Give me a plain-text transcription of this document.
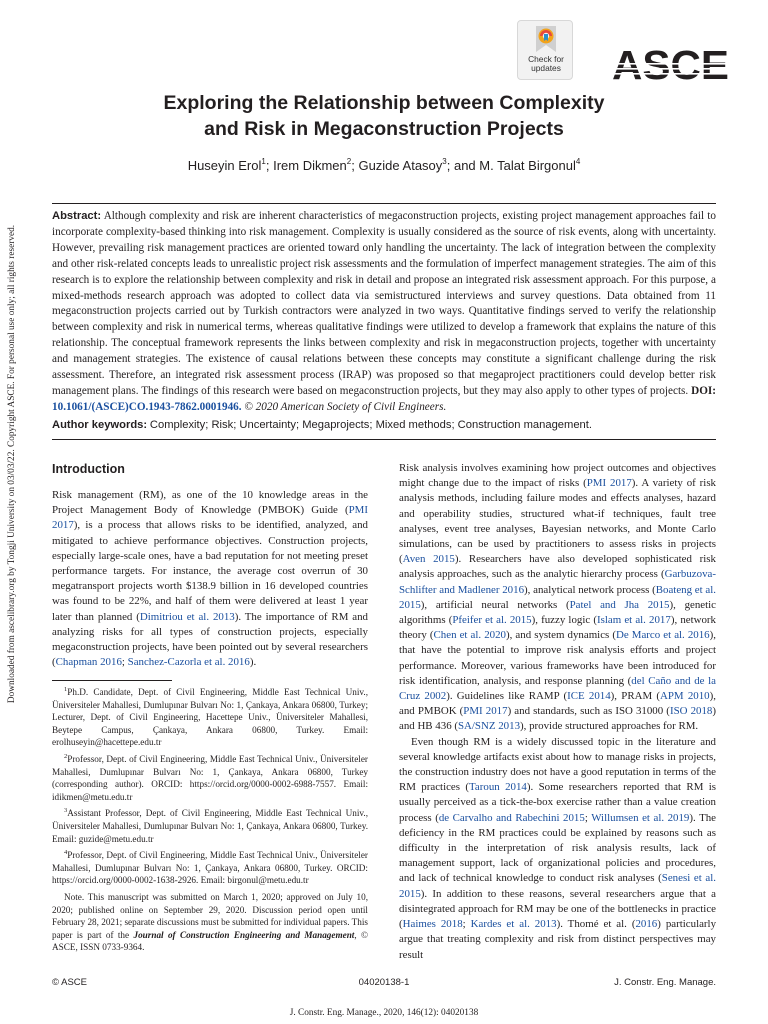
Downloaded from ascelibrary.org by Tongji University on 03/03/22. Copyright ASCE. For personal use only; all rights reserved.
Check for
updates
Exploring the Relationship between Complexity
and Risk in Megaconstruction Projects
Huseyin Erol$^1$; Irem Dikmen$^2$; Guzide Atasoy$^3$; and M. Talat Birgonul$^4$
Abstract: Although complexity and risk are inherent characteristics of megaconstruction projects, existing project management approaches fail to incorporate complexity-based thinking into risk management. Complexity is usually considered as the source of risk events, along with uncertainty. However, prevailing risk management practices are oriented toward only handling the uncertainty. The lack of integration between the complexity and other risk-related concepts leads to unrealistic project risk assessments and the formulation of imperfect management strategies. The aim of this research is to explore the relationship between complexity and risk in detail and propose an integrated risk assessment approach. For this purpose, a mixed-methods research approach was adopted to collect data via semistructured interviews and survey questions. Data obtained from 11 megaconstruction projects carried out by Turkish contractors were analyzed in two ways. Quantitative findings served to verify the relationship between complexity and risk in numerical terms, whereas qualitative findings were utilized to develop a framework that explains the nature of this relationship. The conceptual framework represents the links between complexity and risk in megaconstruction projects, together with uncertainty and management strategies. The existence of causal relations between these concepts may constitute a significant challenge during the risk assessment. Therefore, an integrated risk assessment process (IRAP) was proposed so that megaproject practitioners could develop better risk management plans. The findings of this research were based on megaconstruction projects, but they may also apply to other types of projects. DOI: 10.1061/(ASCE)CO.1943-7862.0001946. © 2020 American Society of Civil Engineers.
Author keywords: Complexity; Risk; Uncertainty; Megaprojects; Mixed methods; Construction management.
Introduction

Risk management (RM), as one of the 10 knowledge areas in the Project Management Body of Knowledge (PMBOK) Guide (PMI 2017), is a process that allows risks to be identified, analyzed, and mitigated to achieve performance objectives. Construction projects, especially large-scale ones, have a bad reputation for not meeting preset performance targets. For instance, the average cost overrun of 30 megatransport projects worth $138.9 billion in 16 developed countries was found to be 22%, and half of them were delivered at least 1 year later than planned (Dimitriou et al. 2013). The importance of RM and analyzing risks for all types of construction projects, especially megaconstruction projects, have been pointed out by several researchers (Chapman 2016; Sanchez-Cazorla et al. 2016).

$^1$Ph.D. Candidate, Dept. of Civil Engineering, Middle East Technical Univ., Üniversiteler Mahallesi, Dumlupınar Bulvarı No: 1, Çankaya, Ankara 06800, Turkey; Lecturer, Dept. of Civil Engineering, Hacettepe Univ., Üniversiteler Mahallesi, Beytepe Campus, Çankaya, Ankara 06800, Turkey. Email: erolhuseyin@hacettepe.edu.tr

$^2$Professor, Dept. of Civil Engineering, Middle East Technical Univ., Üniversiteler Mahallesi, Dumlupınar Bulvarı No: 1, Çankaya, Ankara 06800, Turkey (corresponding author). ORCID: https://orcid.org/0000-0002-6988-7557. Email: idikmen@metu.edu.tr

$^3$Assistant Professor, Dept. of Civil Engineering, Middle East Technical Univ., Üniversiteler Mahallesi, Dumlupınar Bulvarı No: 1, Çankaya, Ankara 06800, Turkey. Email: guzide@metu.edu.tr

$^4$Professor, Dept. of Civil Engineering, Middle East Technical Univ., Üniversiteler Mahallesi, Dumlupınar Bulvarı No: 1, Çankaya, Ankara 06800, Turkey. ORCID: https://orcid.org/0000-0002-1638-2926. Email: birgonul@metu.edu.tr

Note. This manuscript was submitted on March 1, 2020; approved on July 10, 2020; published online on September 29, 2020. Discussion period open until February 28, 2021; separate discussions must be submitted for individual papers. This paper is part of the Journal of Construction Engineering and Management, © ASCE, ISSN 0733-9364.

Risk analysis involves examining how project outcomes and objectives might change due to the impact of risks (PMI 2017). A variety of risk analysis methods, including failure modes and effects analyses, hazard and operability studies, structured what-if techniques, fault tree analyses, event tree analyses, Bayesian networks, and Monte Carlo simulations, can be used by practitioners to assess risks in projects (Aven 2015). Researchers have also developed sophisticated risk analysis approaches, such as the analytic hierarchy process (Garbuzova-Schlifter and Madlener 2016), analytical network process (Boateng et al. 2015), artificial neural networks (Patel and Jha 2015), genetic algorithms (Pfeifer et al. 2015), fuzzy logic (Islam et al. 2017), network theory (Chen et al. 2020), and system dynamics (De Marco et al. 2016), that have the potential to improve risk analysis efforts and project performance. Moreover, various frameworks have been introduced for risk identification, analysis, and response planning (del Caño and de la Cruz 2002). Guidelines like RAMP (ICE 2014), PRAM (APM 2010), and PMBOK (PMI 2017) and standards, such as ISO 31000 (ISO 2018) and HB 436 (SA/SNZ 2013), provide structured approaches for RM.

Even though RM is a widely discussed topic in the literature and several knowledge artifacts exist about how to manage risks in projects, the construction industry does not have a good reputation in terms of the RM practices (Taroun 2014). Some researchers reported that RM is usually perceived as a tick-the-box exercise rather than a value creation process (de Carvalho and Rabechini 2015; Willumsen et al. 2019). The deficiency in the RM practices could be explained by reasons such as difficulty in the interpretation of risk analysis results, lack of management support, lack of organizational policies and procedures, and lack of technical knowledge to conduct risk analyses (Senesi et al. 2015). In addition to these reasons, several researchers argue that a disintegrated approach for RM may be one of the bottlenecks in practice (Haimes 2018; Kardes et al. 2013). Thomé et al. (2016) particularly argue that treating complexity and risk from distinct perspectives may result

© ASCE	04020138-1	J. Constr. Eng. Manage.
J. Constr. Eng. Manage., 2020, 146(12): 04020138
